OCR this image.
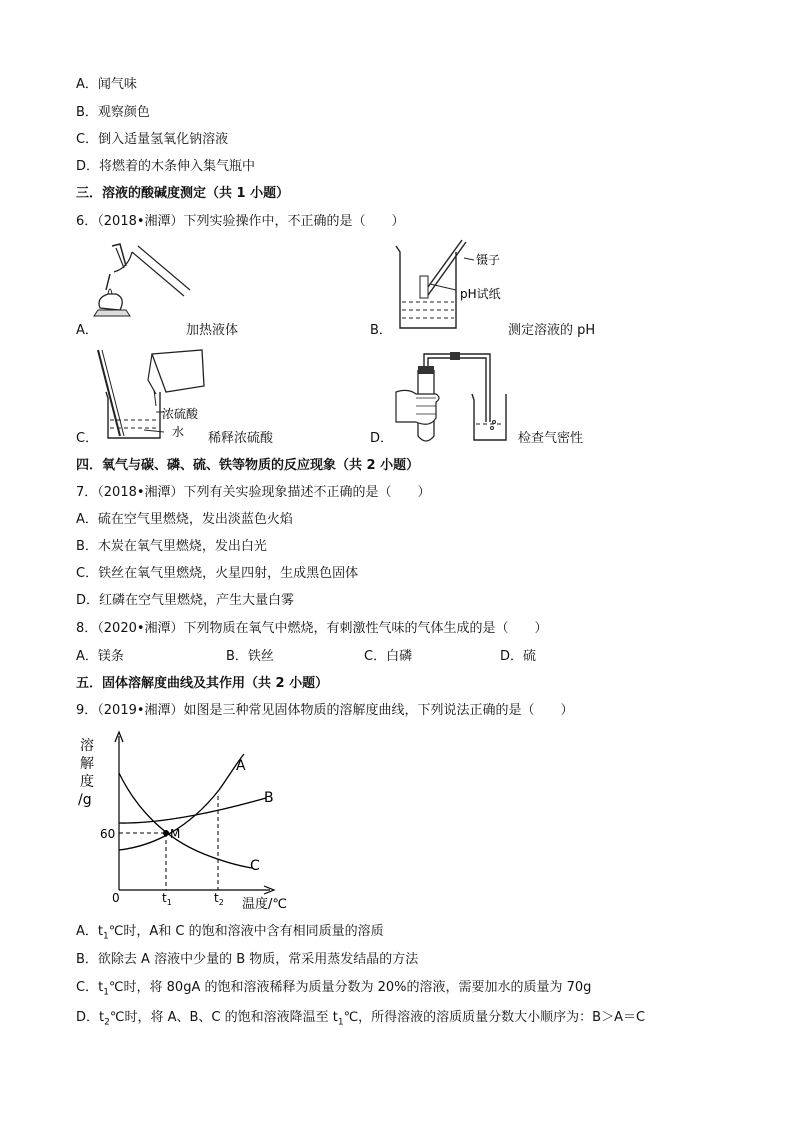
A．闻气味
B．观察颜色
C．倒入适量氢氧化钠溶液
D．将燃着的木条伸入集气瓶中
三．溶液的酸碱度测定（共 1 小题）
6．（2018•湘潭）下列实验操作中，不正确的是（　　）
A．	加热液体
镊子
pH试纸
B．	测定溶液的 pH
浓硫酸
水
C．	稀释浓硫酸	D．	检查气密性
四．氧气与碳、磷、硫、铁等物质的反应现象（共 2 小题）
7．（2018•湘潭）下列有关实验现象描述不正确的是（　　）
A．硫在空气里燃烧，发出淡蓝色火焰
B．木炭在氧气里燃烧，发出白光
C．铁丝在氧气里燃烧，火星四射，生成黑色固体
D．红磷在空气里燃烧，产生大量白雾
8．（2020•湘潭）下列物质在氧气中燃烧，有刺激性气味的气体生成的是（　　）
A．镁条	B．铁丝	C．白磷	D．硫
五．固体溶解度曲线及其作用（共 2 小题）
9．（2019•湘潭）如图是三种常见固体物质的溶解度曲线，下列说法正确的是（　　）
溶
解
度
/g
M
A
B
C
60
0	$t_1$	$t_2$ 温度/℃
A．$t_1℃$时，A和 C 的饱和溶液中含有相同质量的溶质
B．欲除去 A 溶液中少量的 B 物质，常采用蒸发结晶的方法
C．$t_1℃$时，将 80gA 的饱和溶液稀释为质量分数为 20%的溶液，需要加水的质量为 70g
D．$t_2℃$时，将 A、B、C 的饱和溶液降温至 $t_1℃$，所得溶液的溶质质量分数大小顺序为：B＞A＝C
